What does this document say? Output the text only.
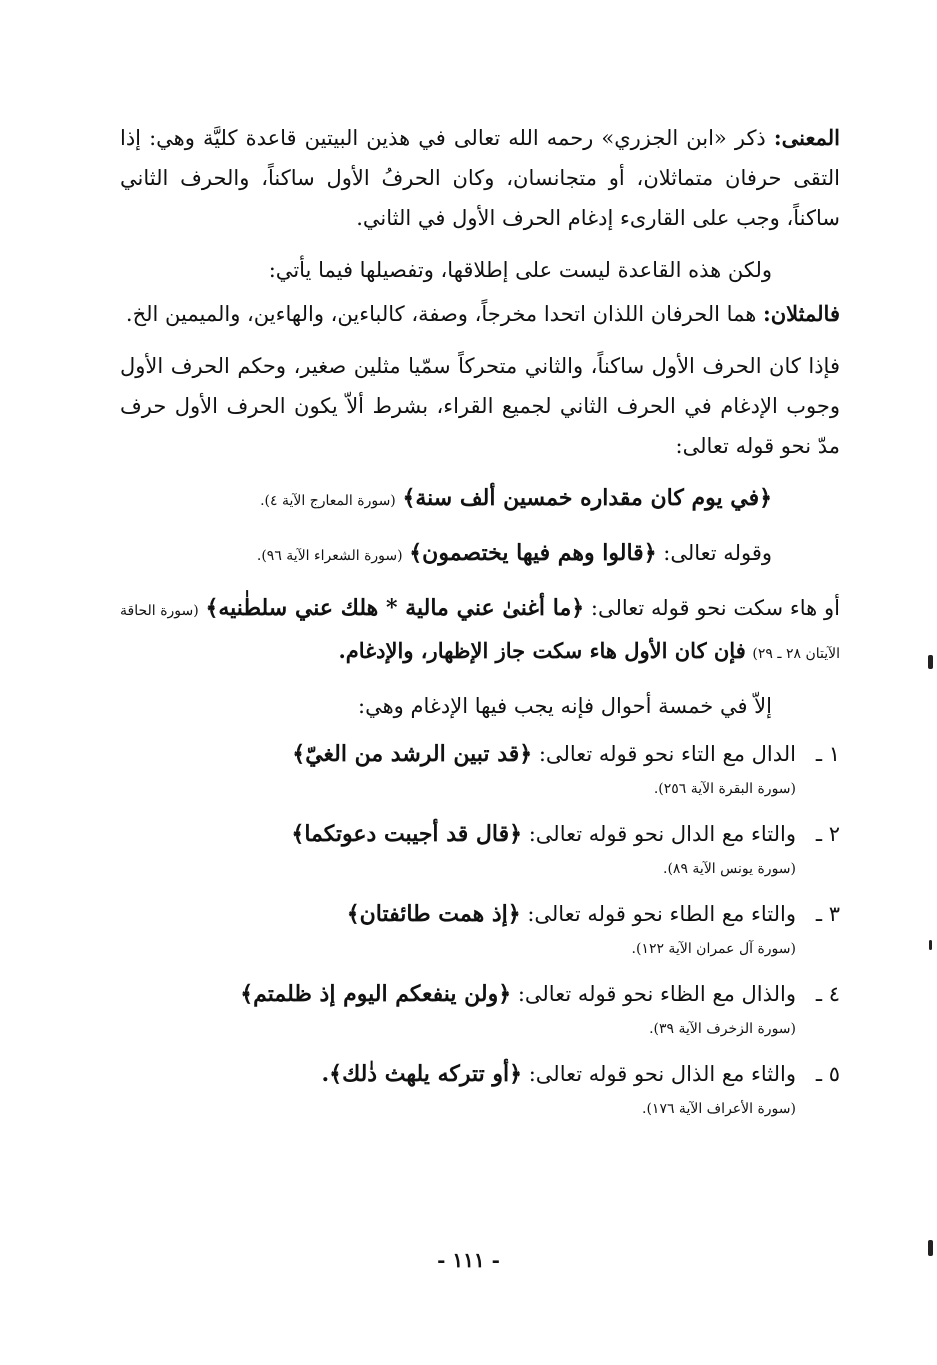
المعنى: ذكر «ابن الجزري» رحمه الله تعالى في هذين البيتين قاعدة كليَّة وهي: إذا التقى حرفان متماثلان، أو متجانسان، وكان الحرفُ الأول ساكناً، والحرف الثاني ساكناً، وجب على القارىء إدغام الحرف الأول في الثاني.

ولكن هذه القاعدة ليست على إطلاقها، وتفصيلها فيما يأتي:

فالمثلان: هما الحرفان اللذان اتحدا مخرجاً، وصفة، كالباءين، والهاءين، والميمين الخ.

فإذا كان الحرف الأول ساكناً، والثاني متحركاً سمّيا مثلين صغير، وحكم الحرف الأول وجوب الإدغام في الحرف الثاني لجميع القراء، بشرط ألاّ يكون الحرف الأول حرف مدّ نحو قوله تعالى:

﴿في يوم كان مقداره خمسين ألف سنة﴾ (سورة المعارج الآية ٤).

وقوله تعالى: ﴿قالوا وهم فيها يختصمون﴾ (سورة الشعراء الآية ٩٦).

أو هاء سكت نحو قوله تعالى: ﴿ما أغنىٰ عني مالية * هلك عني سلطٰنيه﴾ (سورة الحاقة الآيتان ٢٨ ـ ٢٩) فإن كان الأول هاء سكت جاز الإظهار، والإدغام.

إلاّ في خمسة أحوال فإنه يجب فيها الإدغام وهي:

١ ـ
الدال مع التاء نحو قوله تعالى: ﴿قد تبين الرشد من الغيّ﴾
(سورة البقرة الآية ٢٥٦).
٢ ـ
والتاء مع الدال نحو قوله تعالى: ﴿قال قد أجيبت دعوتكما﴾
(سورة يونس الآية ٨٩).
٣ ـ
والتاء مع الطاء نحو قوله تعالى: ﴿إذ همت طائفتان﴾
(سورة آل عمران الآية ١٢٢).
٤ ـ
والذال مع الظاء نحو قوله تعالى: ﴿ولن ينفعكم اليوم إذ ظلمتم﴾
(سورة الزخرف الآية ٣٩).
٥ ـ
والثاء مع الذال نحو قوله تعالى: ﴿أو تتركه يلهث ذٰلك﴾.
(سورة الأعراف الآية ١٧٦).
- ١١١ -
